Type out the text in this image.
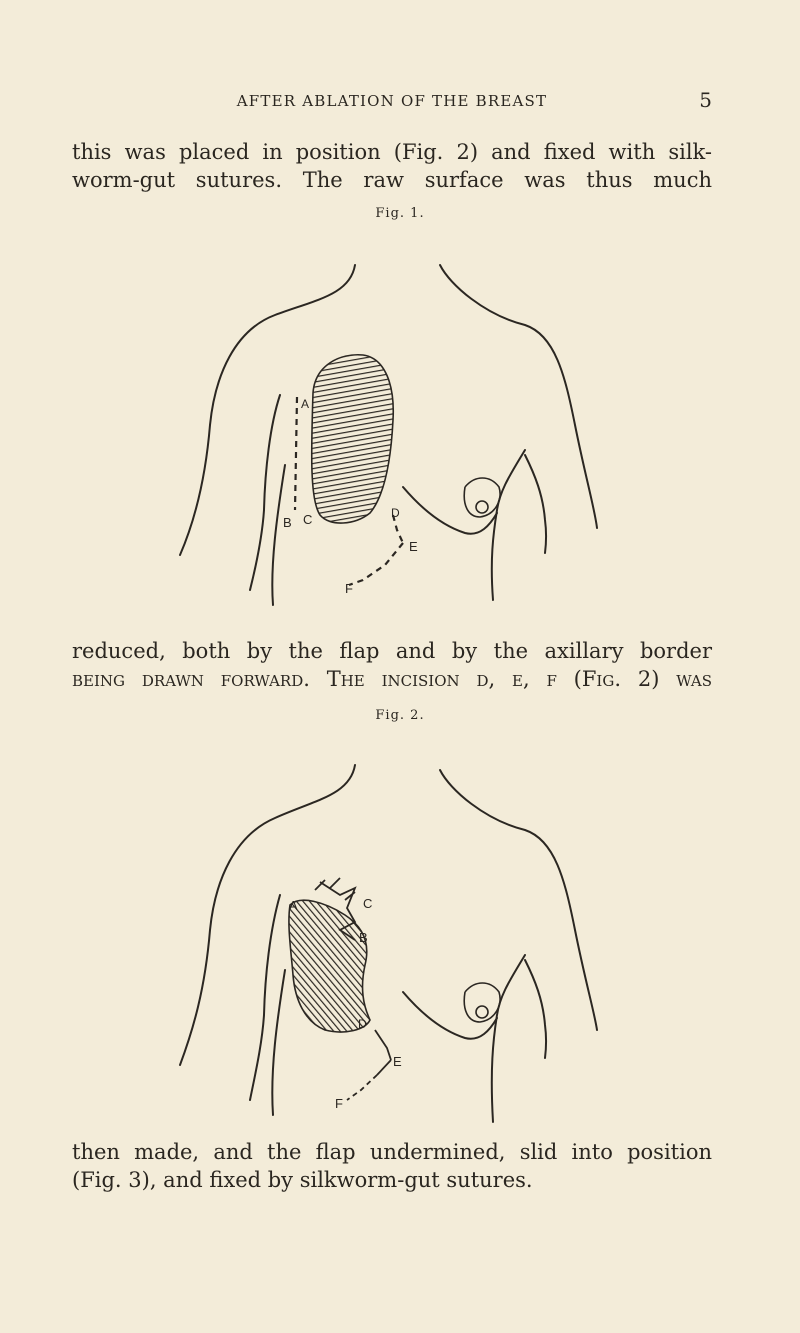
AFTER ABLATION OF THE BREAST	5
this was placed in position (Fig. 2) and fixed with silk-
worm-gut sutures. The raw surface was thus much
Fig. 1.
A
B C	D
E
F
reduced, both by the flap and by the axillary border
being drawn forward. The incision d, e, f (Fig. 2) was
Fig. 2.
A
B
C
D
E
F
then made, and the flap undermined, slid into position
(Fig. 3), and fixed by silkworm-gut sutures.
